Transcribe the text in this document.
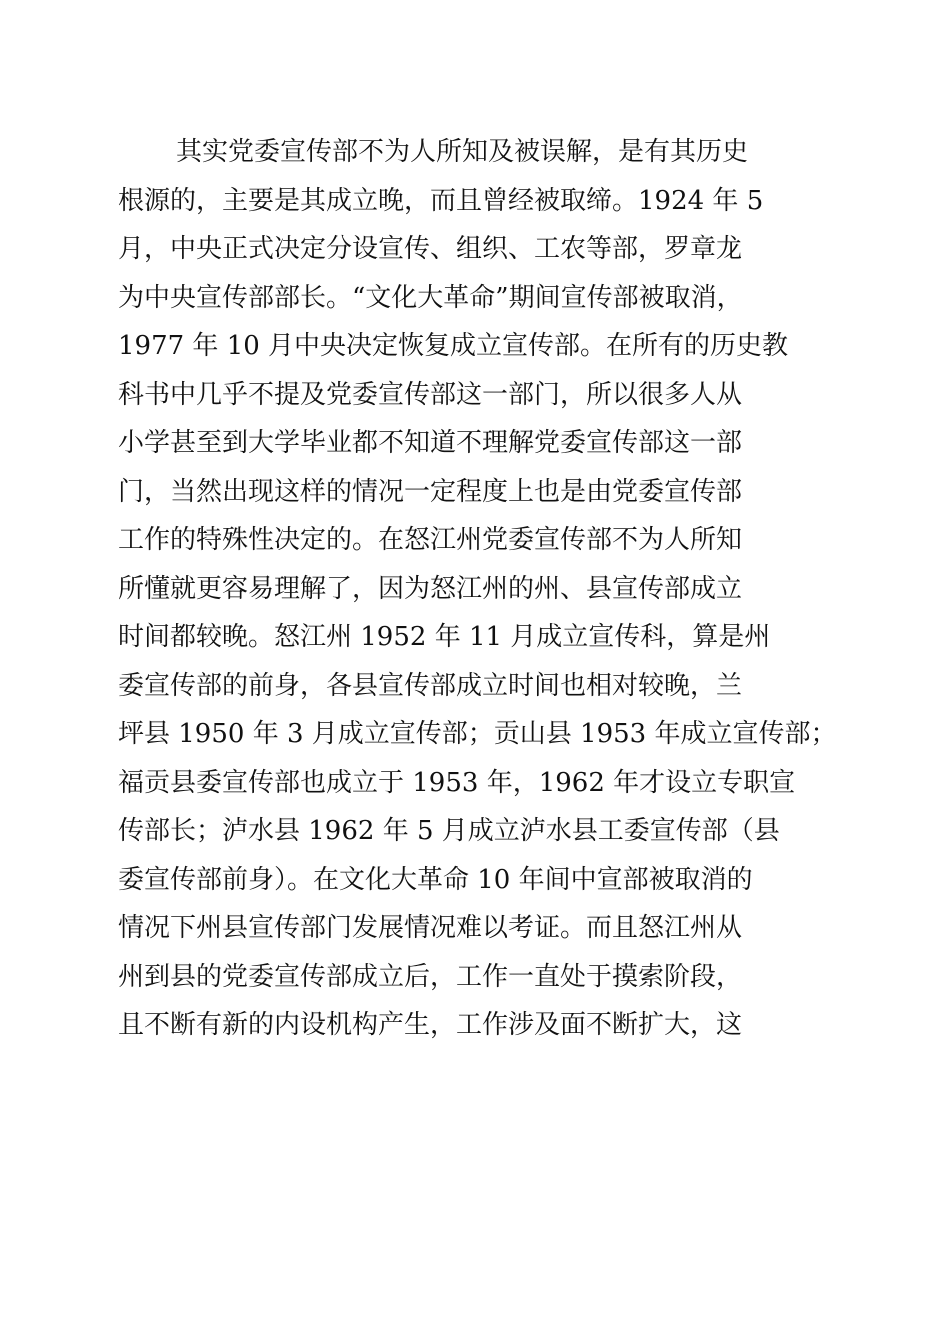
其实党委宣传部不为人所知及被误解，是有其历史
根源的，主要是其成立晚，而且曾经被取缔。1924 年 5
月，中央正式决定分设宣传、组织、工农等部，罗章龙
为中央宣传部部长。“文化大革命”期间宣传部被取消，
1977 年 10 月中央决定恢复成立宣传部。在所有的历史教
科书中几乎不提及党委宣传部这一部门，所以很多人从
小学甚至到大学毕业都不知道不理解党委宣传部这一部
门，当然出现这样的情况一定程度上也是由党委宣传部
工作的特殊性决定的。在怒江州党委宣传部不为人所知
所懂就更容易理解了，因为怒江州的州、县宣传部成立
时间都较晚。怒江州 1952 年 11 月成立宣传科，算是州
委宣传部的前身，各县宣传部成立时间也相对较晚，兰
坪县 1950 年 3 月成立宣传部；贡山县 1953 年成立宣传部；
福贡县委宣传部也成立于 1953 年，1962 年才设立专职宣
传部长；泸水县 1962 年 5 月成立泸水县工委宣传部（县
委宣传部前身）。在文化大革命 10 年间中宣部被取消的
情况下州县宣传部门发展情况难以考证。而且怒江州从
州到县的党委宣传部成立后，工作一直处于摸索阶段，
且不断有新的内设机构产生，工作涉及面不断扩大，这
